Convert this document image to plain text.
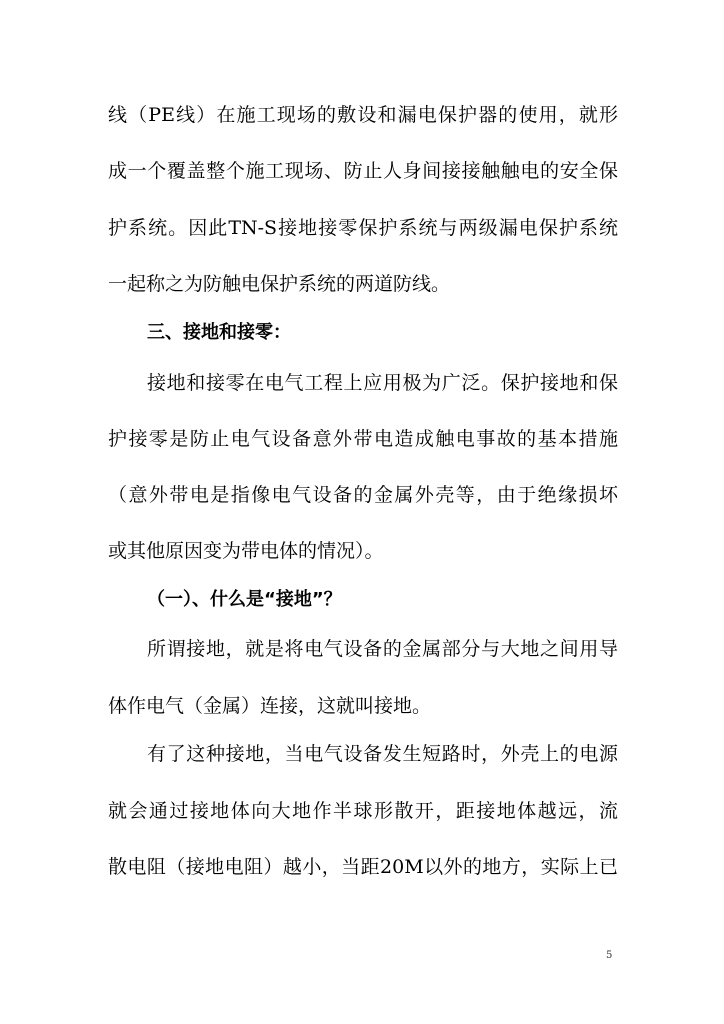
线（PE线）在施工现场的敷设和漏电保护器的使用，就形
成一个覆盖整个施工现场、防止人身间接接触触电的安全保
护系统。因此TN-S接地接零保护系统与两级漏电保护系统
一起称之为防触电保护系统的两道防线。
三、接地和接零：
接地和接零在电气工程上应用极为广泛。保护接地和保
护接零是防止电气设备意外带电造成触电事故的基本措施
（意外带电是指像电气设备的金属外壳等，由于绝缘损坏
或其他原因变为带电体的情况）。
（一）、什么是“接地”？
所谓接地，就是将电气设备的金属部分与大地之间用导
体作电气（金属）连接，这就叫接地。
有了这种接地，当电气设备发生短路时，外壳上的电源
就会通过接地体向大地作半球形散开，距接地体越远，流
散电阻（接地电阻）越小，当距20M以外的地方，实际上已
5
